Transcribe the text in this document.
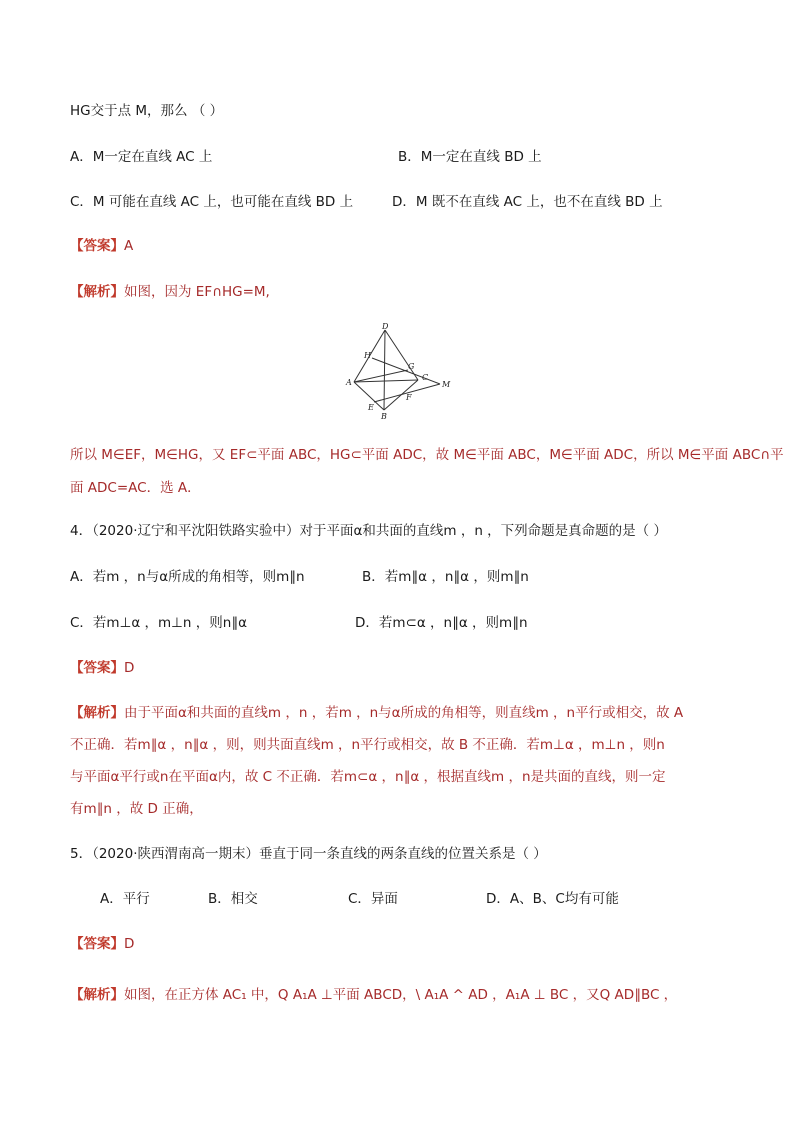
HG交于点 M，那么 （ ）
A．M一定在直线 AC 上	B．M一定在直线 BD 上
C．M 可能在直线 AC 上，也可能在直线 BD 上	D．M 既不在直线 AC 上，也不在直线 BD 上
【答案】A
【解析】如图，因为 EF∩HG=M,
D
H
G
C
M
A
F
E
B
所以 M∈EF，M∈HG，又 EF⊂平面 ABC，HG⊂平面 ADC，故 M∈平面 ABC，M∈平面 ADC，所以 M∈平面 ABC∩平
面 ADC=AC．选 A．
4．（2020·辽宁和平沈阳铁路实验中）对于平面α和共面的直线m ，n ，下列命题是真命题的是（ ）
A．若m ，n与α所成的角相等，则m∥n	B．若m∥α ，n∥α ，则m∥n
C．若m⊥α ，m⊥n ，则n∥α	D．若m⊂α ，n∥α ，则m∥n
【答案】D
【解析】由于平面α和共面的直线m ，n ，若m ，n与α所成的角相等，则直线m ，n平行或相交，故 A
不正确．若m∥α ，n∥α ，则，则共面直线m ，n平行或相交，故 B 不正确．若m⊥α ，m⊥n ，则n
与平面α平行或n在平面α内，故 C 不正确．若m⊂α ，n∥α ，根据直线m ，n是共面的直线，则一定
有m∥n ，故 D 正确，
5．（2020·陕西渭南高一期末）垂直于同一条直线的两条直线的位置关系是（ ）
A．平行	B．相交	C．异面	D．A、B、C均有可能
【答案】D
【解析】如图，在正方体 AC₁ 中，Q A₁A ⊥平面 ABCD，\ A₁A ^ AD ，A₁A ⊥ BC ，又Q AD∥BC ，
